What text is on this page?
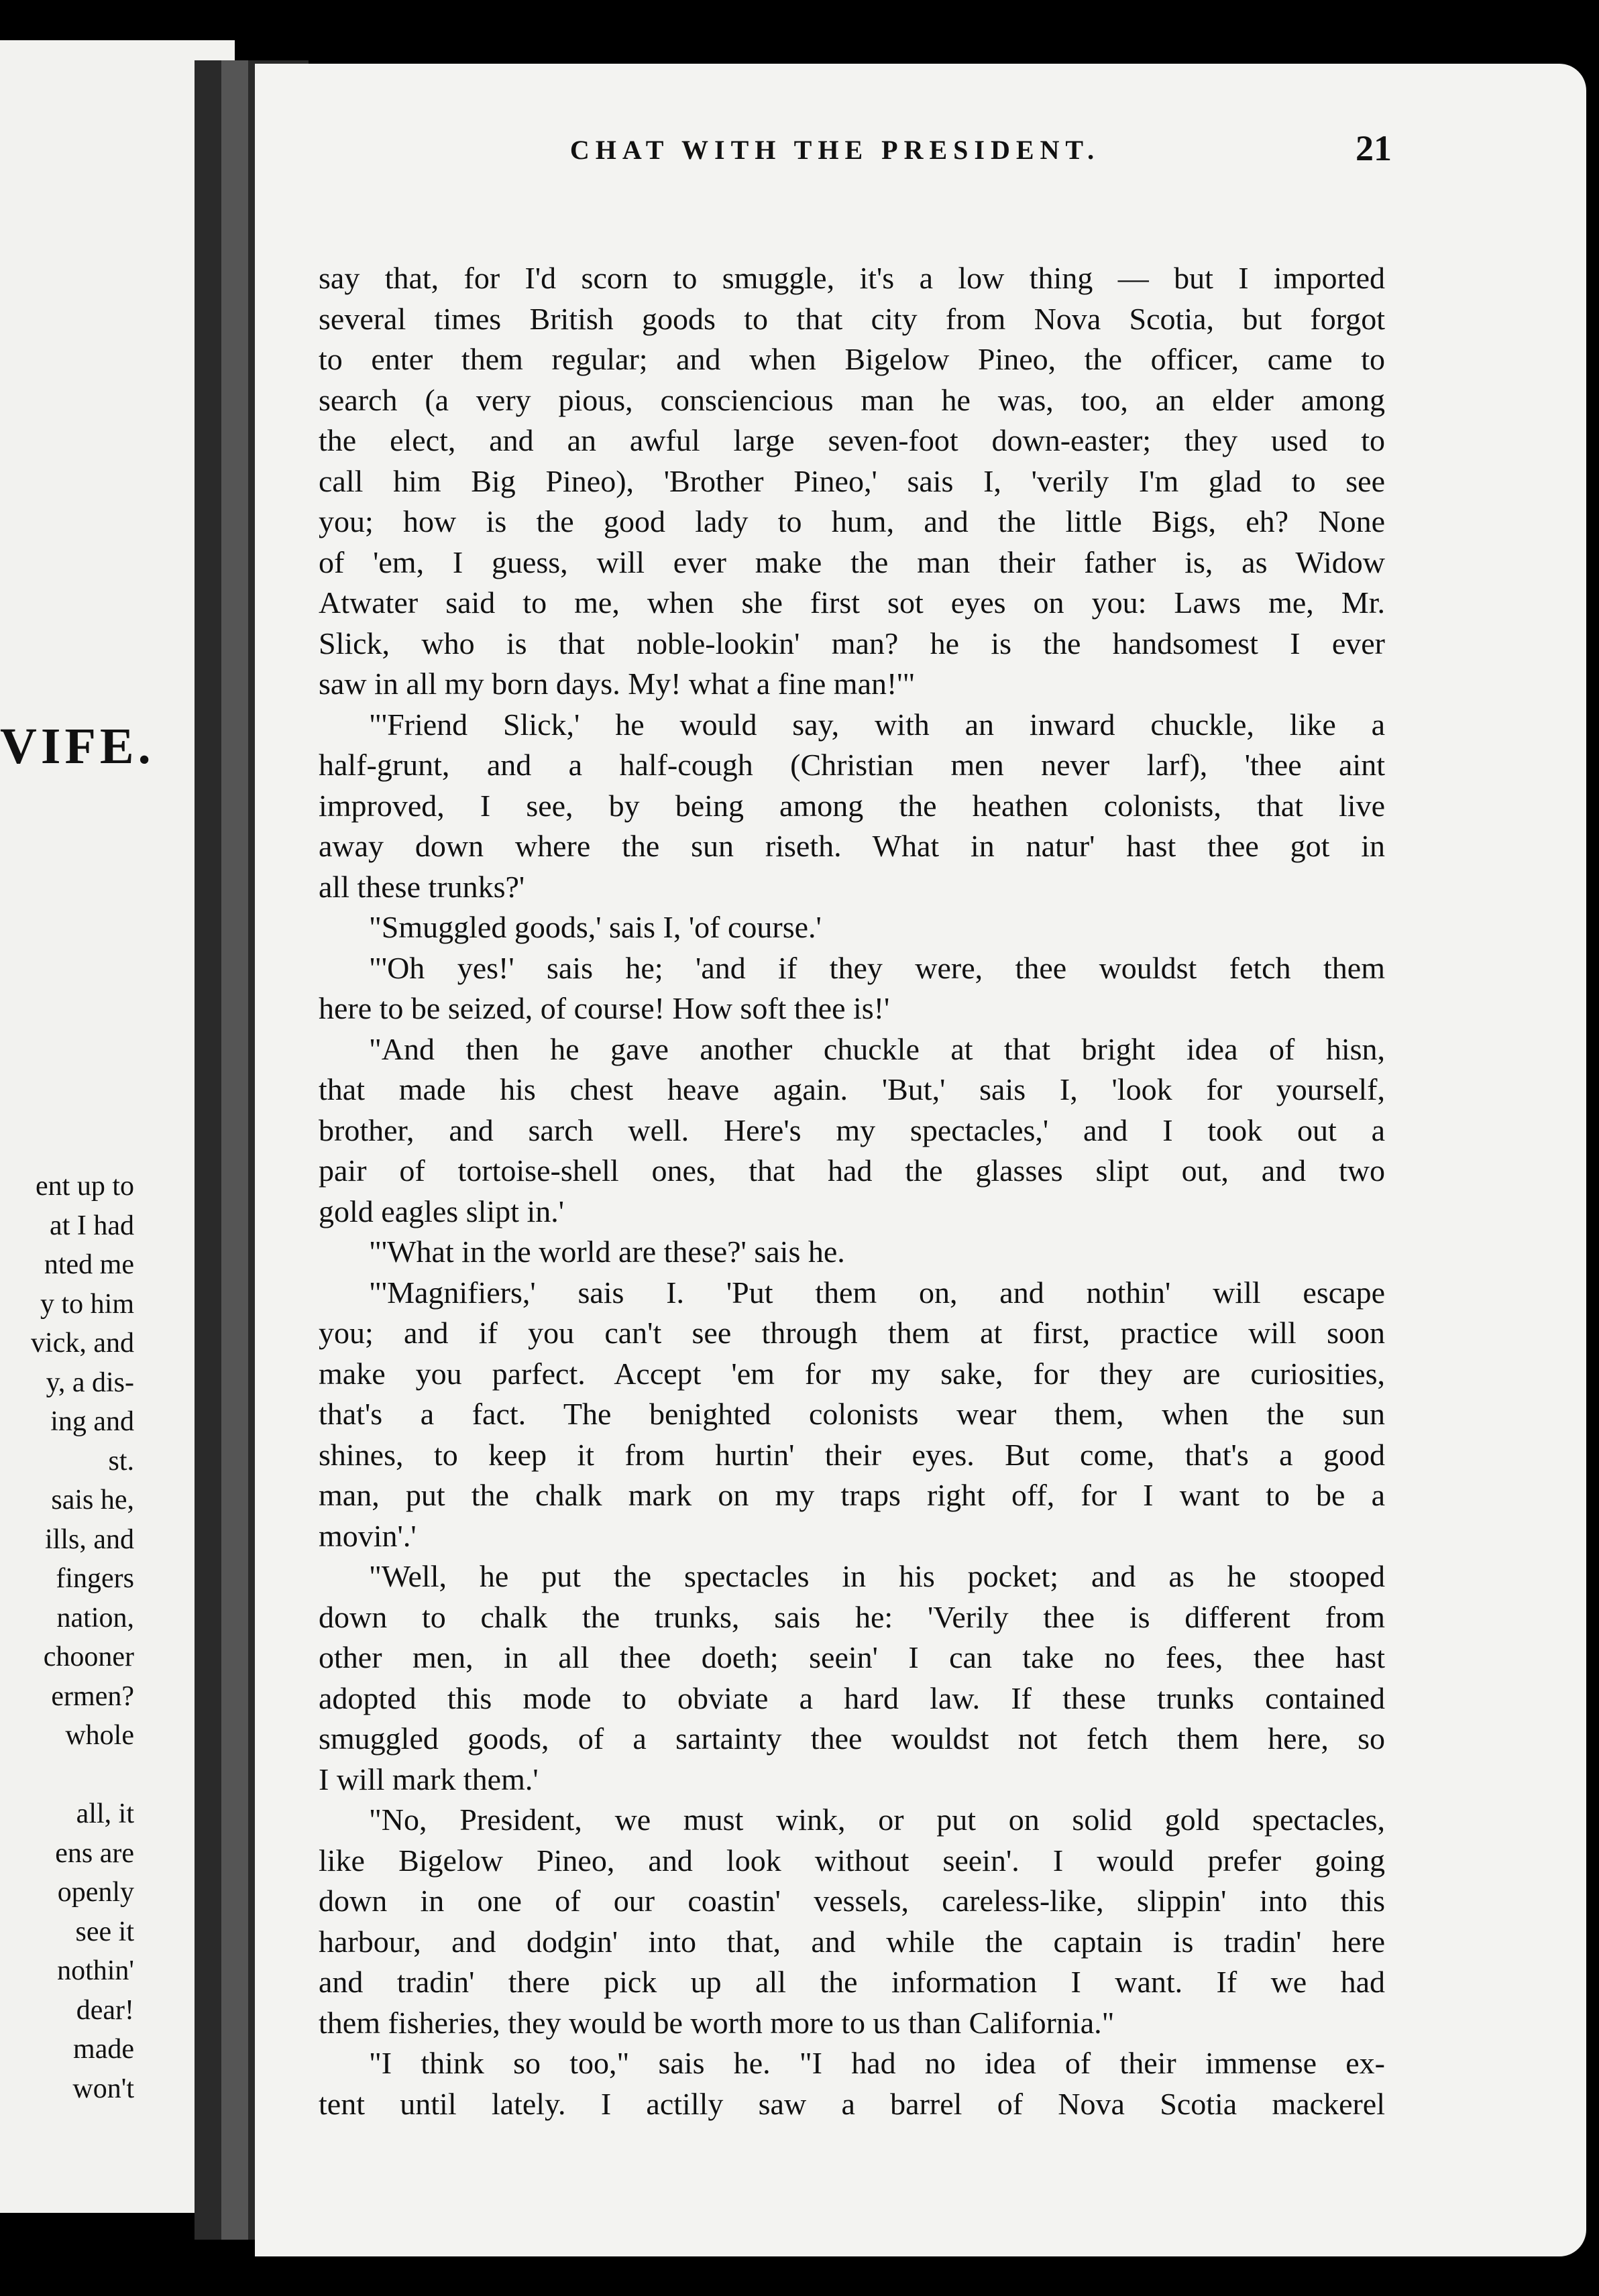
VIFE.
ent up to
at I had
nted me
y to him
vick, and
y, a dis-
ing and
st.
sais he,
ills, and
fingers
nation,
chooner
ermen?
whole

all, it
ens are
openly
see it
nothin'
dear!
made
won't
CHAT WITH THE PRESIDENT.	21
say that, for I'd scorn to smuggle, it's a low thing — but I imported
several times British goods to that city from Nova Scotia, but forgot
to enter them regular; and when Bigelow Pineo, the officer, came to
search (a very pious, consciencious man he was, too, an elder among
the elect, and an awful large seven-foot down-easter; they used to
call him Big Pineo), 'Brother Pineo,' sais I, 'verily I'm glad to see
you; how is the good lady to hum, and the little Bigs, eh? None
of 'em, I guess, will ever make the man their father is, as Widow
Atwater said to me, when she first sot eyes on you: Laws me, Mr.
Slick, who is that noble-lookin' man? he is the handsomest I ever
saw in all my born days. My! what a fine man!'"
"'Friend Slick,' he would say, with an inward chuckle, like a
half-grunt, and a half-cough (Christian men never larf), 'thee aint
improved, I see, by being among the heathen colonists, that live
away down where the sun riseth. What in natur' hast thee got in
all these trunks?'
"Smuggled goods,' sais I, 'of course.'
"'Oh yes!' sais he; 'and if they were, thee wouldst fetch them
here to be seized, of course! How soft thee is!'
"And then he gave another chuckle at that bright idea of hisn,
that made his chest heave again. 'But,' sais I, 'look for yourself,
brother, and sarch well. Here's my spectacles,' and I took out a
pair of tortoise-shell ones, that had the glasses slipt out, and two
gold eagles slipt in.'
"'What in the world are these?' sais he.
"'Magnifiers,' sais I. 'Put them on, and nothin' will escape
you; and if you can't see through them at first, practice will soon
make you parfect. Accept 'em for my sake, for they are curiosities,
that's a fact. The benighted colonists wear them, when the sun
shines, to keep it from hurtin' their eyes. But come, that's a good
man, put the chalk mark on my traps right off, for I want to be a
movin'.'
"Well, he put the spectacles in his pocket; and as he stooped
down to chalk the trunks, sais he: 'Verily thee is different from
other men, in all thee doeth; seein' I can take no fees, thee hast
adopted this mode to obviate a hard law. If these trunks contained
smuggled goods, of a sartainty thee wouldst not fetch them here, so
I will mark them.'
"No, President, we must wink, or put on solid gold spectacles,
like Bigelow Pineo, and look without seein'. I would prefer going
down in one of our coastin' vessels, careless-like, slippin' into this
harbour, and dodgin' into that, and while the captain is tradin' here
and tradin' there pick up all the information I want. If we had
them fisheries, they would be worth more to us than California."
"I think so too," sais he. "I had no idea of their immense ex-
tent until lately. I actilly saw a barrel of Nova Scotia mackerel
